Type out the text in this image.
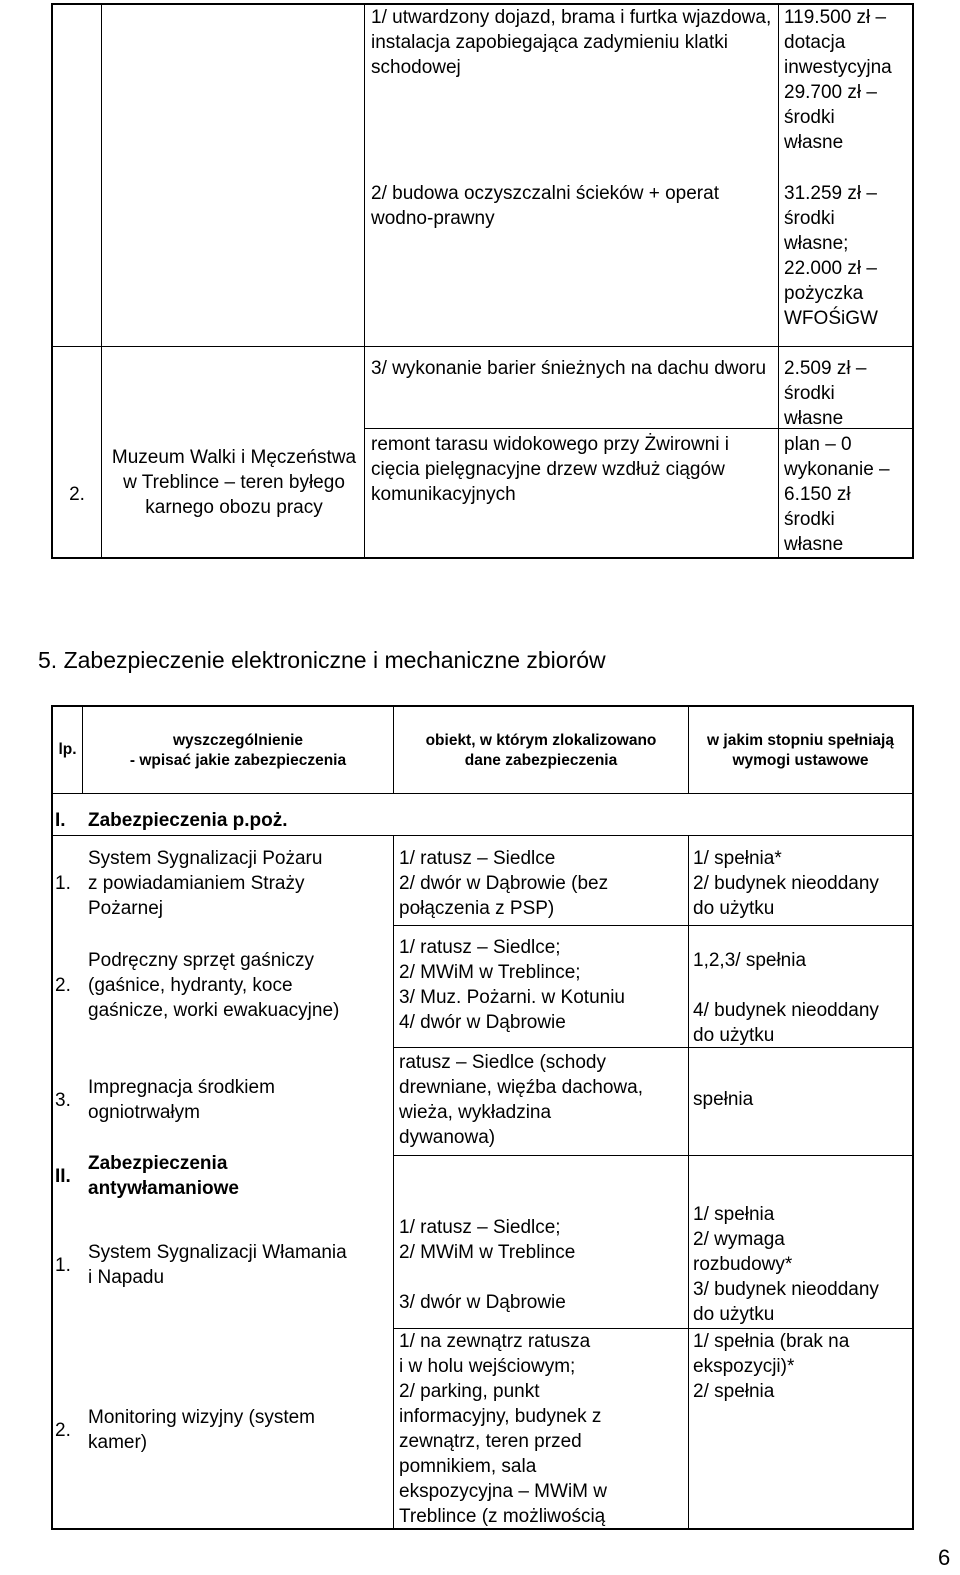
1/ utwardzony dojazd, brama i furtka wjazdowa, instalacja zapobiegająca zadymieniu klatki schodowej
119.500 zł –
dotacja
inwestycyjna
29.700 zł –
środki
własne
2/ budowa oczyszczalni ścieków + operat wodno-prawny
31.259 zł –
środki
własne;
22.000 zł –
pożyczka
WFOŚiGW
3/ wykonanie barier śnieżnych na dachu dworu 2.509 zł –
środki
własne
2.
Muzeum Walki i Męczeństwa w Treblince – teren byłego karnego obozu pracy
remont tarasu widokowego przy Żwirowni i cięcia pielęgnacyjne drzew wzdłuż ciągów komunikacyjnych
plan – 0
wykonanie –
6.150 zł
środki
własne
5. Zabezpieczenie elektroniczne i mechaniczne zbiorów
lp.
wyszczególnienie
- wpisać jakie zabezpieczenia
obiekt, w którym zlokalizowano
dane zabezpieczenia
w jakim stopniu spełniają
wymogi ustawowe
I. Zabezpieczenia p.poż.
1.
System Sygnalizacji Pożaru
z powiadamianiem Straży
Pożarnej
1/ ratusz – Siedlce
2/ dwór w Dąbrowie (bez
połączenia z PSP)
1/ spełnia*
2/ budynek nieoddany
do użytku
2.
Podręczny sprzęt gaśniczy
(gaśnice, hydranty, koce
gaśnicze, worki ewakuacyjne)
1/ ratusz – Siedlce;
2/ MWiM w Treblince;
3/ Muz. Pożarni. w Kotuniu
4/ dwór w Dąbrowie
1,2,3/ spełnia
4/ budynek nieoddany
do użytku
3.
Impregnacja środkiem
ogniotrwałym
ratusz – Siedlce (schody
drewniane, więźba dachowa,
wieża, wykładzina
dywanowa)
spełnia
II.
Zabezpieczenia
antywłamaniowe
1.
System Sygnalizacji Włamania
i Napadu
1/ ratusz – Siedlce;
2/ MWiM w Treblince
3/ dwór w Dąbrowie
1/ spełnia
2/ wymaga
rozbudowy*
3/ budynek nieoddany
do użytku
2.
Monitoring wizyjny (system
kamer)
1/ na zewnątrz ratusza
i w holu wejściowym;
2/ parking, punkt
informacyjny, budynek z
zewnątrz, teren przed
pomnikiem, sala
ekspozycyjna – MWiM w
Treblince (z możliwością
1/ spełnia (brak na
ekspozycji)*
2/ spełnia
6
